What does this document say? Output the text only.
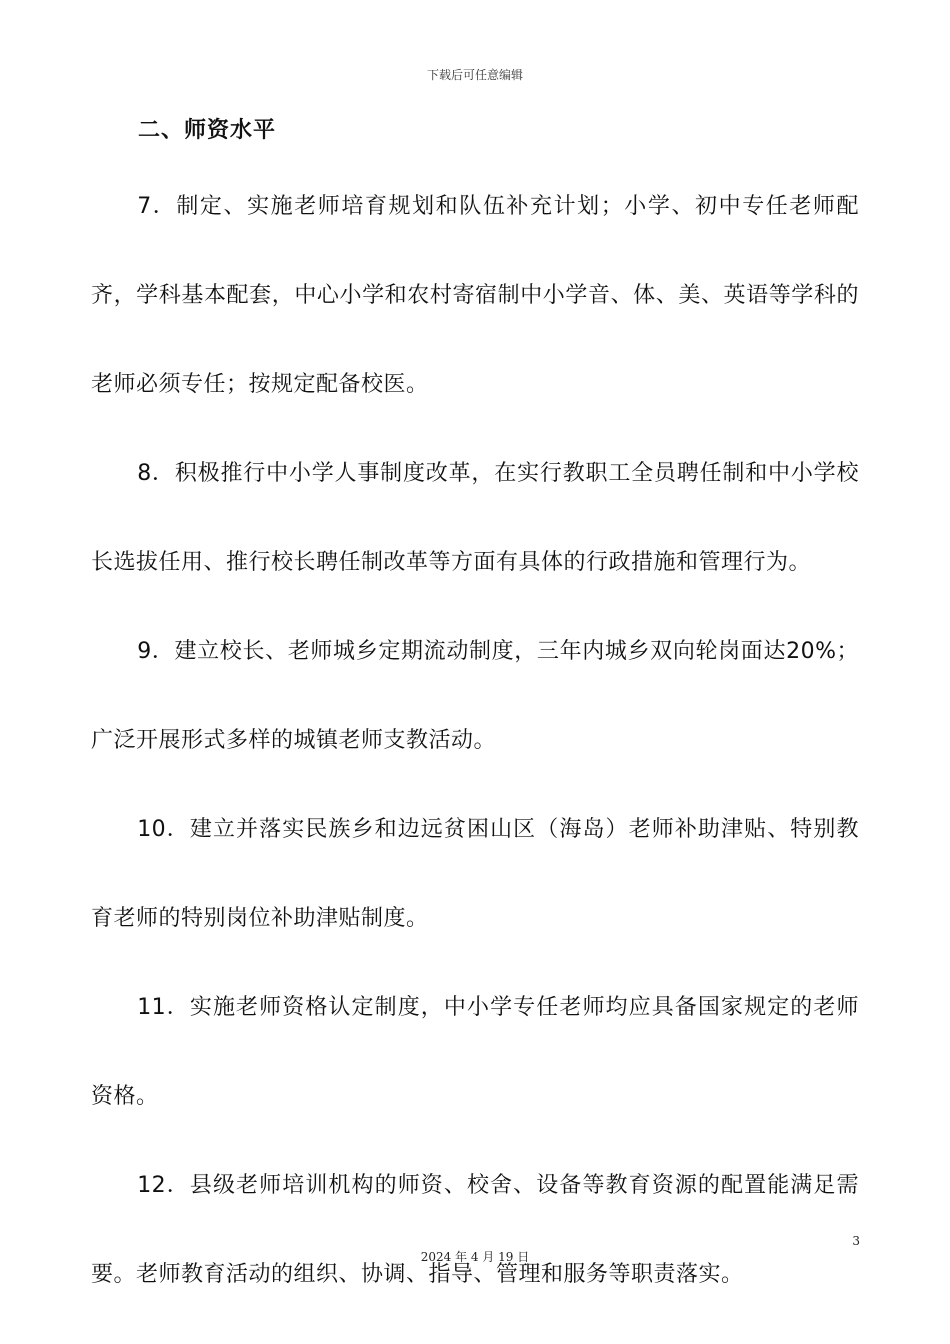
下载后可任意编辑
二、师资水平

7．制定、实施老师培育规划和队伍补充计划；小学、初中专任老师配齐，学科基本配套，中心小学和农村寄宿制中小学音、体、美、英语等学科的老师必须专任；按规定配备校医。

8．积极推行中小学人事制度改革，在实行教职工全员聘任制和中小学校长选拔任用、推行校长聘任制改革等方面有具体的行政措施和管理行为。

9．建立校长、老师城乡定期流动制度，三年内城乡双向轮岗面达20%；广泛开展形式多样的城镇老师支教活动。

10．建立并落实民族乡和边远贫困山区（海岛）老师补助津贴、特别教育老师的特别岗位补助津贴制度。

11．实施老师资格认定制度，中小学专任老师均应具备国家规定的老师资格。

12．县级老师培训机构的师资、校舍、设备等教育资源的配置能满足需要。老师教育活动的组织、协调、指导、管理和服务等职责落实。

3
2024 年 4 月 19 日
